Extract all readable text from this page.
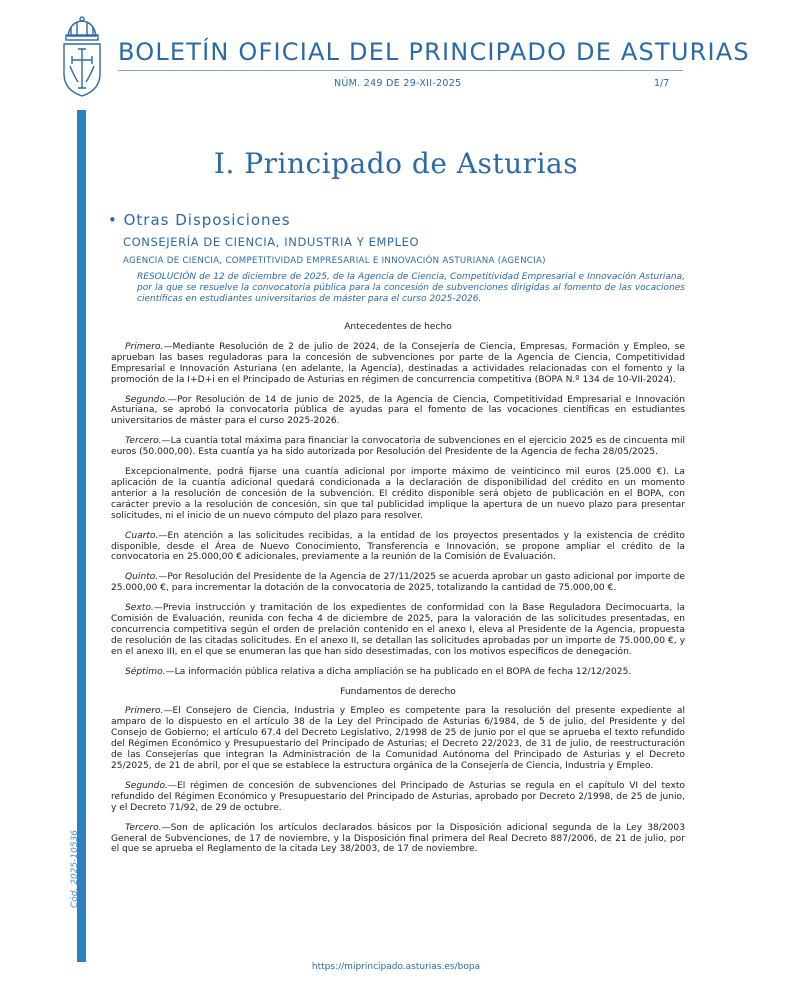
Cód. 2025-10536
BOLETÍN OFICIAL DEL PRINCIPADO DE ASTURIAS
NÚM. 249 DE 29-XII-2025	1/7
I. Principado de Asturias
• Otras Disposiciones
CONSEJERÍA DE CIENCIA, INDUSTRIA Y EMPLEO
AGENCIA DE CIENCIA, COMPETITIVIDAD EMPRESARIAL E INNOVACIÓN ASTURIANA (AGENCIA)
RESOLUCIÓN de 12 de diciembre de 2025, de la Agencia de Ciencia, Competitividad Empresarial e Innovación Asturiana, por la que se resuelve la convocatoria pública para la concesión de subvenciones dirigidas al fomento de las vocaciones científicas en estudiantes universitarios de máster para el curso 2025-2026.
Antecedentes de hecho

Primero.—Mediante Resolución de 2 de julio de 2024, de la Consejería de Ciencia, Empresas, Formación y Empleo, se aprueban las bases reguladoras para la concesión de subvenciones por parte de la Agencia de Ciencia, Competitividad Empresarial e Innovación Asturiana (en adelante, la Agencia), destinadas a actividades relacionadas con el fomento y la promoción de la I+D+i en el Principado de Asturias en régimen de concurrencia competitiva (BOPA N.º 134 de 10-VII-2024).

Segundo.—Por Resolución de 14 de junio de 2025, de la Agencia de Ciencia, Competitividad Empresarial e Innovación Asturiana, se aprobó la convocatoria pública de ayudas para el fomento de las vocaciones científicas en estudiantes universitarios de máster para el curso 2025-2026.

Tercero.—La cuantía total máxima para financiar la convocatoria de subvenciones en el ejercicio 2025 es de cincuenta mil euros (50.000,00). Esta cuantía ya ha sido autorizada por Resolución del Presidente de la Agencia de fecha 28/05/2025.

Excepcionalmente, podrá fijarse una cuantía adicional por importe máximo de veinticinco mil euros (25.000 €). La aplicación de la cuantía adicional quedará condicionada a la declaración de disponibilidad del crédito en un momento anterior a la resolución de concesión de la subvención. El crédito disponible será objeto de publicación en el BOPA, con carácter previo a la resolución de concesión, sin que tal publicidad implique la apertura de un nuevo plazo para presentar solicitudes, ni el inicio de un nuevo cómputo del plazo para resolver.

Cuarto.—En atención a las solicitudes recibidas, a la entidad de los proyectos presentados y la existencia de crédito disponible, desde el Área de Nuevo Conocimiento, Transferencia e Innovación, se propone ampliar el crédito de la convocatoria en 25.000,00 € adicionales, previamente a la reunión de la Comisión de Evaluación.

Quinto.—Por Resolución del Presidente de la Agencia de 27/11/2025 se acuerda aprobar un gasto adicional por importe de 25.000,00 €, para incrementar la dotación de la convocatoria de 2025, totalizando la cantidad de 75.000,00 €.

Sexto.—Previa instrucción y tramitación de los expedientes de conformidad con la Base Reguladora Decimocuarta, la Comisión de Evaluación, reunida con fecha 4 de diciembre de 2025, para la valoración de las solicitudes presentadas, en concurrencia competitiva según el orden de prelación contenido en el anexo I, eleva al Presidente de la Agencia, propuesta de resolución de las citadas solicitudes. En el anexo II, se detallan las solicitudes aprobadas por un importe de 75.000,00 €, y en el anexo III, en el que se enumeran las que han sido desestimadas, con los motivos específicos de denegación.

Séptimo.—La información pública relativa a dicha ampliación se ha publicado en el BOPA de fecha 12/12/2025.

Fundamentos de derecho

Primero.—El Consejero de Ciencia, Industria y Empleo es competente para la resolución del presente expediente al amparo de lo dispuesto en el artículo 38 de la Ley del Principado de Asturias 6/1984, de 5 de julio, del Presidente y del Consejo de Gobierno; el artículo 67.4 del Decreto Legislativo, 2/1998 de 25 de junio por el que se aprueba el texto refundido del Régimen Económico y Presupuestario del Principado de Asturias; el Decreto 22/2023, de 31 de julio, de reestructuración de las Consejerías que integran la Administración de la Comunidad Autónoma del Principado de Asturias y el Decreto 25/2025, de 21 de abril, por el que se establece la estructura orgánica de la Consejería de Ciencia, Industria y Empleo.

Segundo.—El régimen de concesión de subvenciones del Principado de Asturias se regula en el capítulo VI del texto refundido del Régimen Económico y Presupuestario del Principado de Asturias, aprobado por Decreto 2/1998, de 25 de junio, y el Decreto 71/92, de 29 de octubre.

Tercero.—Son de aplicación los artículos declarados básicos por la Disposición adicional segunda de la Ley 38/2003 General de Subvenciones, de 17 de noviembre, y la Disposición final primera del Real Decreto 887/2006, de 21 de julio, por el que se aprueba el Reglamento de la citada Ley 38/2003, de 17 de noviembre.

https://miprincipado.asturias.es/bopa
